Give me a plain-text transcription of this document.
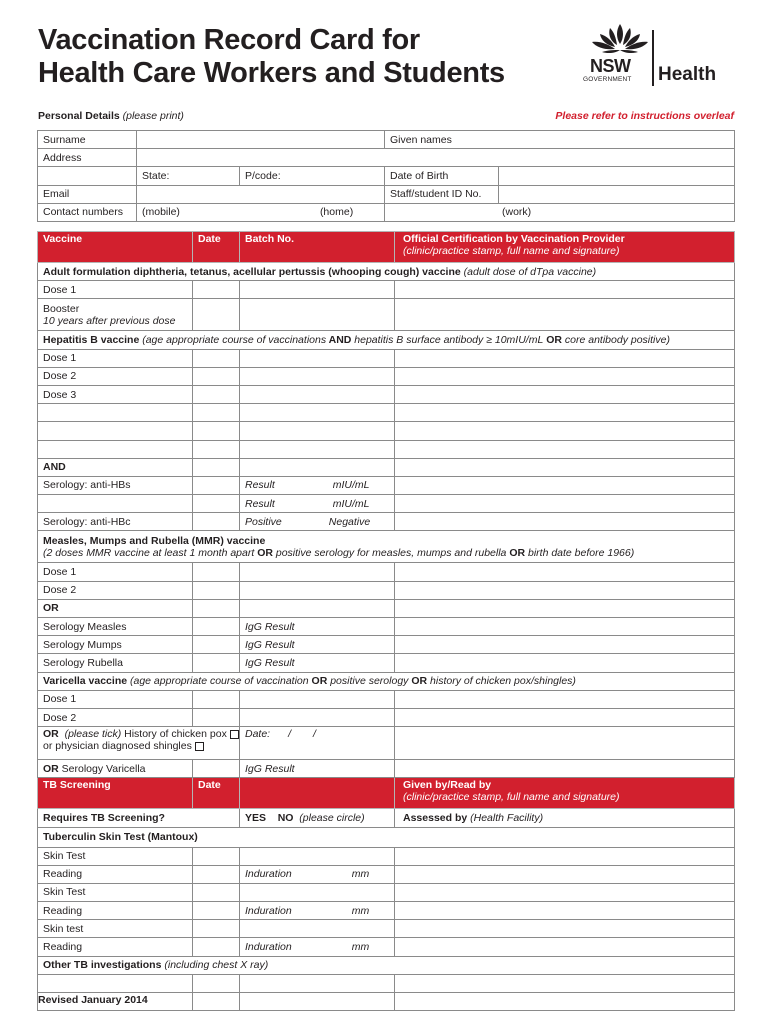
Vaccination Record Card for
Health Care Workers and Students	NSW
GOVERNMENT Health
Personal Details (please print)	Please refer to instructions overleaf
Surname			Given names	
Address				
	State:	P/code:	Date of Birth	
Email			Staff/student ID No.	
Contact numbers	(mobile) (home)		(work)	
Vaccine	Date	Batch No.	Official Certification by Vaccination Provider
(clinic/practice stamp, full name and signature)

Adult formulation diphtheria, tetanus, acellular pertussis (whooping cough) vaccine (adult dose of dTpa vaccine)			
Dose 1			

Booster
10 years after previous dose			

Hepatitis B vaccine (age appropriate course of vaccinations AND hepatitis B surface antibody ≥ 10mIU/mL OR core antibody positive)			
Dose 1			
Dose 2			
Dose 3			

AND			
Serology: anti-HBs		Result mIU/mL	
		Result mIU/mL	
Serology: anti-HBc		Positive Negative	

Measles, Mumps and Rubella (MMR) vaccine
(2 doses MMR vaccine at least 1 month apart OR positive serology for measles, mumps and rubella OR birth date before 1966)			

Dose 1			
Dose 2			
OR			
Serology Measles		IgG Result	
Serology Mumps		IgG Result	
Serology Rubella		IgG Result	
Varicella vaccine (age appropriate course of vaccination OR positive serology OR history of chicken pox/shingles)			
Dose 1			
Dose 2			

OR (please tick) History of chicken pox
or physician diagnosed shingles		Date: / /	
OR Serology Varicella		IgG Result	
TB Screening	Date		Given by/Read by
(clinic/practice stamp, full name and signature)

Requires TB Screening?		YES NO (please circle)	Assessed by (Health Facility)
Tuberculin Skin Test (Mantoux)			
Skin Test			
Reading		Induration mm	
Skin Test			
Reading		Induration mm	
Skin test			
Reading		Induration mm	
Other TB investigations (including chest X ray)			

Revised January 2014
